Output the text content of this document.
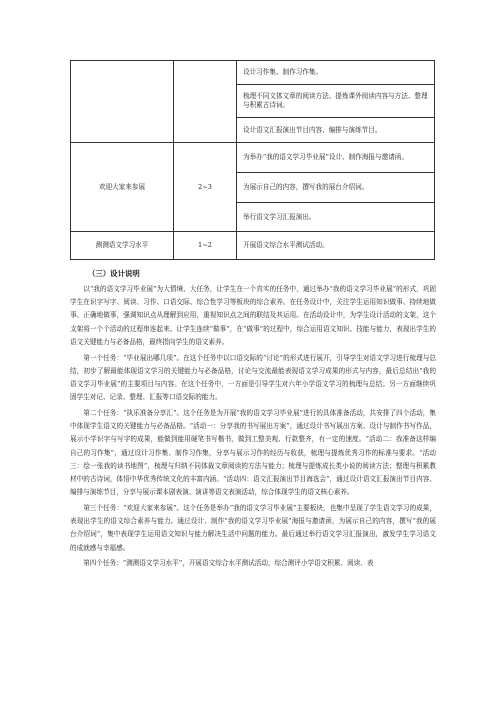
		设计习作集、制作习作集。
		梳理不同文体文章的阅读方法、提炼课外阅读内容与方法、整理与积累古诗词。
		设计语文汇报演出节目内容、编排与演练节目。
欢迎大家来参展	2~3	为举办“我的语文学习毕业展”设计、制作海报与邀请函。
		为展示自己的内容，撰写我的展台介绍词。
		举行语文学习汇报演出。
测测语文学习水平	1~2	开展语文综合水平测试活动。
（三）设计说明

以“我的语文学习毕业展”为大情境、大任务，让学生在一个真实的任务中，通过举办“我的语文学习毕业展”的形式，巩固学生在识字写字、阅读、习作、口语交际、综合性学习等板块的综合素养。在任务设计中，关注学生运用知识做事、持续地做事、正确地做事，强调知识点从理解到应用，重视知识点之间的联结及其运用。在活动设计中，为学生设计活动的支架，这个支架将一个个活动的过程串连起来。让学生连续“做事”，在“做事”的过程中，综合运用语文知识、技能与能力，表现出学生的语文关键能力与必备品格，最终指向学生的语文素养。

第一个任务：“毕业展出哪几项”。在这个任务中以口语交际的“讨论”的形式进行展开，引导学生对语文学习进行梳理与总结，初步了解最能体现语文学习的关键能力与必备品格，讨论与交流最能表现语文学习成果的形式与内容，最后总结出“我的语文学习毕业展”的主要项目与内容。在这个任务中，一方面是引导学生对六年小学语文学习的梳理与总结；另一方面继续巩固学生对记、记录、整理、汇报等口语交际的能力。

第二个任务：“执乐准备分享汇”。这个任务是为开展“我的语文学习毕业展”进行的具体准备活动，共安排了四个活动，集中体现学生语文的关键能力与必备品格。“活动一：分享我的书写展出方案”，通过设计书写展出方案、设计与制作书写作品，展示小学识字与写字的成果，能做到能用硬笔书写楷书，做到工整美观、行款整齐，有一定的速度。“活动二：我准备这样编自己的习作集”，通过设计习作集、制作习作集，分享与展示习作的经历与收获，梳理与提炼优秀习作的标准与要求。“活动三：绘一张我的读书地图”，梳理与归纳不同体裁文章阅读的方法与能力；梳理与提炼成长类小说的阅读方法；整理与积累教材中的古诗词，体悟中华优秀传统文化的丰富内涵。“活动四：语文汇报演出节目海选会”，通过设计语文汇报演出节目内容、编排与演练节目，分享与展示课本剧表演、演讲等语文表演活动，综合体现学生的语文核心素养。

第三个任务：“欢迎大家来参展”。这个任务是举办“我的语文学习毕业展”主要板块，也集中呈现了学生语文学习的成果，表现出学生的语文综合素养与能力。通过设计、制作“我的语文学习毕业展”海报与邀请函，为展示自己的内容，撰写“我的展台介绍词”，集中表现学生运用语文知识与能力解决生活中问题的能力。最后通过举行语文学习汇报演出，激发学生学习语文的成就感与幸福感。

第四个任务：“测测语文学习水平”，开展语文综合水平测试活动，综合测评小学语文积累、阅读、表
